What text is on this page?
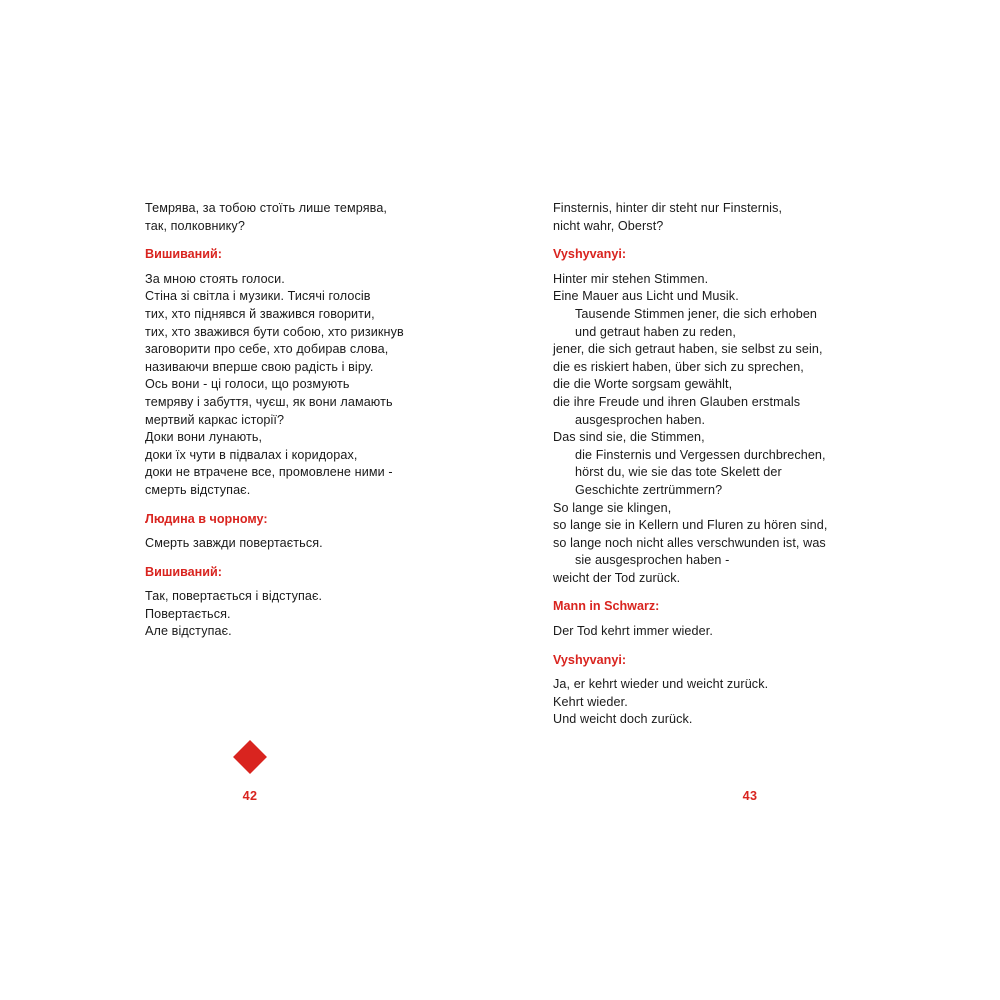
Темрява, за тобою стоїть лише темрява,
так, полковнику?
Вишиваний:
За мною стоять голоси.
Стіна зі світла і музики. Тисячі голосів
тих, хто піднявся й зважився говорити,
тих, хто зважився бути собою, хто ризикнув
заговорити про себе, хто добирав слова,
називаючи вперше свою радість і віру.
Ось вони - ці голоси, що розмують
темряву і забуття, чуєш, як вони ламають
мертвий каркас історії?
Доки вони лунають,
доки їх чути в підвалах і коридорах,
доки не втрачене все, промовлене ними -
смерть відступає.
Людина в чорному:
Смерть завжди повертається.
Вишиваний:
Так, повертається і відступає.
Повертається.
Але відступає.
42
Finsternis, hinter dir steht nur Finsternis,
nicht wahr, Oberst?
Vyshyvanyi:
Hinter mir stehen Stimmen.
Eine Mauer aus Licht und Musik.
Tausende Stimmen jener, die sich erhoben
und getraut haben zu reden,
jener, die sich getraut haben, sie selbst zu sein,
die es riskiert haben, über sich zu sprechen,
die die Worte sorgsam gewählt,
die ihre Freude und ihren Glauben erstmals
ausgesprochen haben.
Das sind sie, die Stimmen,
die Finsternis und Vergessen durchbrechen,
hörst du, wie sie das tote Skelett der
Geschichte zertrümmern?
So lange sie klingen,
so lange sie in Kellern und Fluren zu hören sind,
so lange noch nicht alles verschwunden ist, was
sie ausgesprochen haben -
weicht der Tod zurück.
Mann in Schwarz:
Der Tod kehrt immer wieder.
Vyshyvanyi:
Ja, er kehrt wieder und weicht zurück.
Kehrt wieder.
Und weicht doch zurück.
43
